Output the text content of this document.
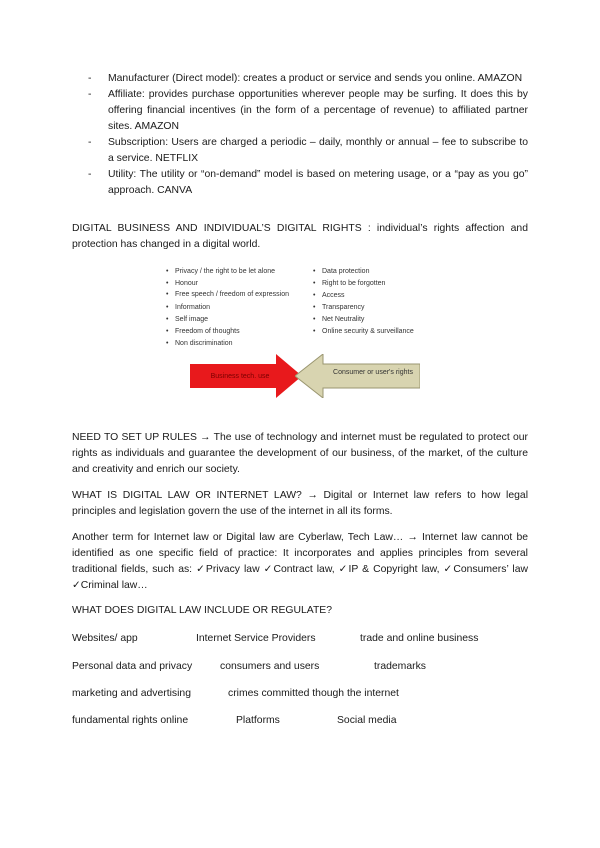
- Manufacturer (Direct model): creates a product or service and sends you online. AMAZON
- Affiliate: provides purchase opportunities wherever people may be surfing. It does this by offering financial incentives (in the form of a percentage of revenue) to affiliated partner sites. AMAZON
- Subscription: Users are charged a periodic – daily, monthly or annual – fee to subscribe to a service. NETFLIX
- Utility: The utility or “on-demand” model is based on metering usage, or a “pay as you go” approach. CANVA
DIGITAL BUSINESS AND INDIVIDUAL’S DIGITAL RIGHTS : individual’s rights affection and protection has changed in a digital world.
• Privacy / the right to be let alone
• Honour
• Free speech / freedom of expression
• Information
• Self image
• Freedom of thoughts
• Non discrimination
• Data protection
• Right to be forgotten
• Access
• Transparency
• Net Neutrality
• Online security & surveillance
Business tech. use
Consumer or user's rights
NEED TO SET UP RULES → The use of technology and internet must be regulated to protect our rights as individuals and guarantee the development of our business, of the market, of the culture and creativity and enrich our society.
WHAT IS DIGITAL LAW OR INTERNET LAW? → Digital or Internet law refers to how legal principles and legislation govern the use of the internet in all its forms.
Another term for Internet law or Digital law are Cyberlaw, Tech Law… → Internet law cannot be identified as one specific field of practice: It incorporates and applies principles from several traditional fields, such as: ✓Privacy law ✓Contract law, ✓IP & Copyright law, ✓Consumers’ law ✓Criminal law…
WHAT DOES DIGITAL LAW INCLUDE OR REGULATE?
Websites/ app	Internet Service Providers	trade and online business
Personal data and privacy	consumers and users	trademarks
marketing and advertising	crimes committed though the internet
fundamental rights online	Platforms	Social media
